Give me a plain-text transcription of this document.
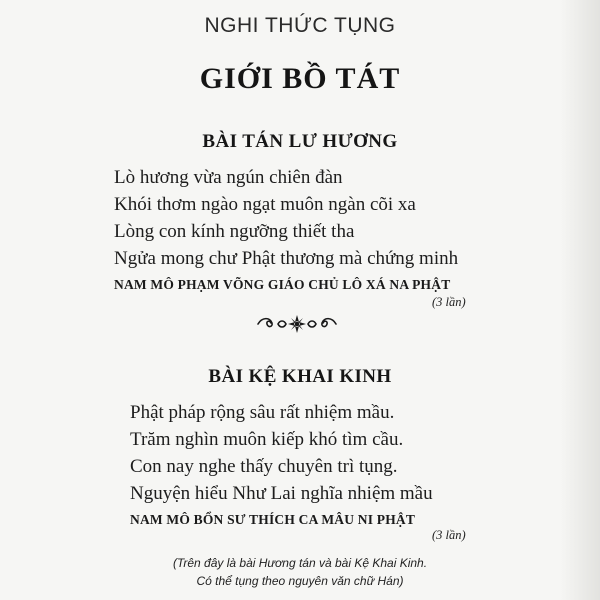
NGHI THỨC TỤNG
GIỚI BỒ TÁT
BÀI TÁN LƯ HƯƠNG
Lò hương vừa ngún chiên đàn
Khói thơm ngào ngạt muôn ngàn cõi xa
Lòng con kính ngưỡng thiết tha
Ngửa mong chư Phật thương mà chứng minh
NAM MÔ PHẠM VÕNG GIÁO CHỦ LÔ XÁ NA PHẬT
(3 lần)
BÀI KỆ KHAI KINH
Phật pháp rộng sâu rất nhiệm mầu.
Trăm nghìn muôn kiếp khó tìm cầu.
Con nay nghe thấy chuyên trì tụng.
Nguyện hiểu Như Lai nghĩa nhiệm mầu
NAM MÔ BỔN SƯ THÍCH CA MÂU NI PHẬT
(3 lần)
(Trên đây là bài Hương tán và bài Kệ Khai Kinh.
Có thể tụng theo nguyên văn chữ Hán)
